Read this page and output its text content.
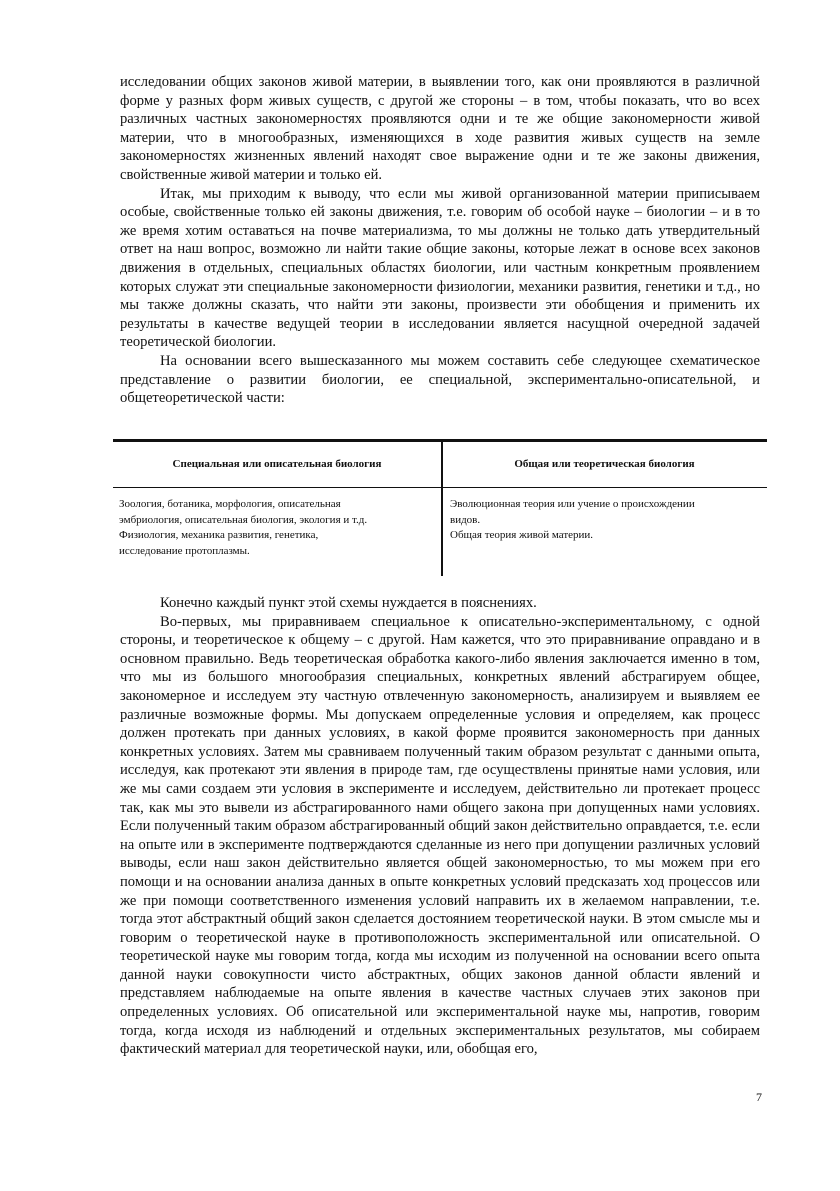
исследовании общих законов живой материи, в выявлении того, как они проявляются в различной форме у разных форм живых существ, с другой же стороны – в том, чтобы показать, что во всех различных частных закономерностях проявляются одни и те же общие закономерности живой материи, что в многообразных, изменяющихся в ходе развития живых существ на земле закономерностях жизненных явлений находят свое выражение одни и те же законы движения, свойственные живой материи и только ей.

Итак, мы приходим к выводу, что если мы живой организованной материи приписываем особые, свойственные только ей законы движения, т.е. говорим об особой науке – биологии – и в то же время хотим оставаться на почве материализма, то мы должны не только дать утвердительный ответ на наш вопрос, возможно ли найти такие общие законы, которые лежат в основе всех законов движения в отдельных, специальных областях биологии, или частным конкретным проявлением которых служат эти специальные закономерности физиологии, механики развития, генетики и т.д., но мы также должны сказать, что найти эти законы, произвести эти обобщения и применить их результаты в качестве ведущей теории в исследовании является насущной очередной задачей теоретической биологии.

На основании всего вышесказанного мы можем составить себе следующее схематическое представление о развитии биологии, ее специальной, экспериментально-описательной, и общетеоретической части:

Специальная или описательная биология	Общая или теоретическая биология
Зоология, ботаника, морфология, описательная
эмбриология, описательная биология, экология и т.д.
Физиология, механика развития, генетика,
исследование протоплазмы.
Эволюционная теория или учение о происхождении
видов.
Общая теория живой материи.

Конечно каждый пункт этой схемы нуждается в пояснениях.

Во-первых, мы приравниваем специальное к описательно-экспериментальному, с одной стороны, и теоретическое к общему – с другой. Нам кажется, что это приравнивание оправдано и в основном правильно. Ведь теоретическая обработка какого-либо явления заключается именно в том, что мы из большого многообразия специальных, конкретных явлений абстрагируем общее, закономерное и исследуем эту частную отвлеченную закономерность, анализируем и выявляем ее различные возможные формы. Мы допускаем определенные условия и определяем, как процесс должен протекать при данных условиях, в какой форме проявится закономерность при данных конкретных условиях. Затем мы сравниваем полученный таким образом результат с данными опыта, исследуя, как протекают эти явления в природе там, где осуществлены принятые нами условия, или же мы сами создаем эти условия в эксперименте и исследуем, действительно ли протекает процесс так, как мы это вывели из абстрагированного нами общего закона при допущенных нами условиях. Если полученный таким образом абстрагированный общий закон действительно оправдается, т.е. если на опыте или в эксперименте подтверждаются сделанные из него при допущении различных условий выводы, если наш закон действительно является общей закономерностью, то мы можем при его помощи и на основании анализа данных в опыте конкретных условий предсказать ход процессов или же при помощи соответственного изменения условий направить их в желаемом направлении, т.е. тогда этот абстрактный общий закон сделается достоянием теоретической науки. В этом смысле мы и говорим о теоретической науке в противоположность экспериментальной или описательной. О теоретической науке мы говорим тогда, когда мы исходим из полученной на основании всего опыта данной науки совокупности чисто абстрактных, общих законов данной области явлений и представляем наблюдаемые на опыте явления в качестве частных случаев этих законов при определенных условиях. Об описательной или экспериментальной науке мы, напротив, говорим тогда, когда исходя из наблюдений и отдельных экспериментальных результатов, мы собираем фактический материал для теоретической науки, или, обобщая его,

7
